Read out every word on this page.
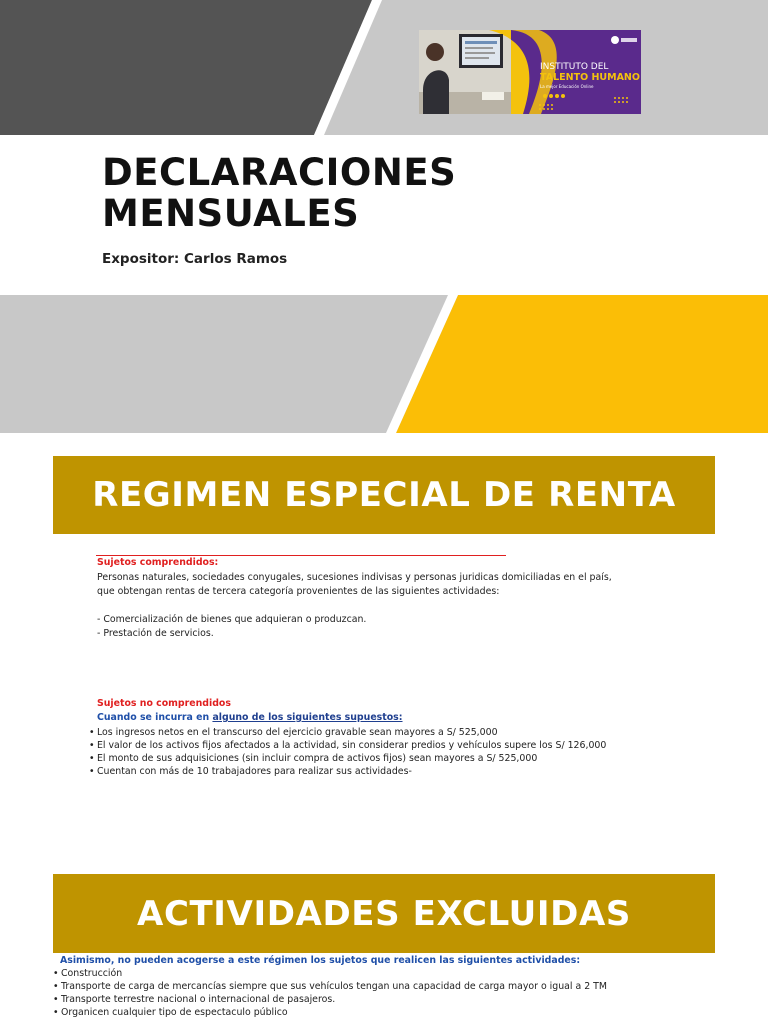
INSTITUTO DEL
TALENTO HUMANO
La mejor Educación Online
DECLARACIONES
MENSUALES
Expositor: Carlos Ramos
REGIMEN ESPECIAL DE RENTA
Sujetos comprendidos:
Personas naturales, sociedades conyugales, sucesiones indivisas y personas juridicas domiciliadas en el país,
que obtengan rentas de tercera categoría provenientes de las siguientes actividades:
- Comercialización de bienes que adquieran o produzcan.
- Prestación de servicios.
Sujetos no comprendidos
Cuando se incurra en alguno de los siguientes supuestos:
• Los ingresos netos en el transcurso del ejercicio gravable sean mayores a S/ 525,000
• El valor de los activos fijos afectados a la actividad, sin considerar predios y vehículos supere los S/ 126,000
• El monto de sus adquisiciones (sin incluir compra de activos fijos) sean mayores a S/ 525,000
• Cuentan con más de 10 trabajadores para realizar sus actividades-
ACTIVIDADES EXCLUIDAS
Asimismo, no pueden acogerse a este régimen los sujetos que realicen las siguientes actividades:
• Construcción
• Transporte de carga de mercancías siempre que sus vehículos tengan una capacidad de carga mayor o igual a 2 TM
• Transporte terrestre nacional o internacional de pasajeros.
• Organicen cualquier tipo de espectaculo público
